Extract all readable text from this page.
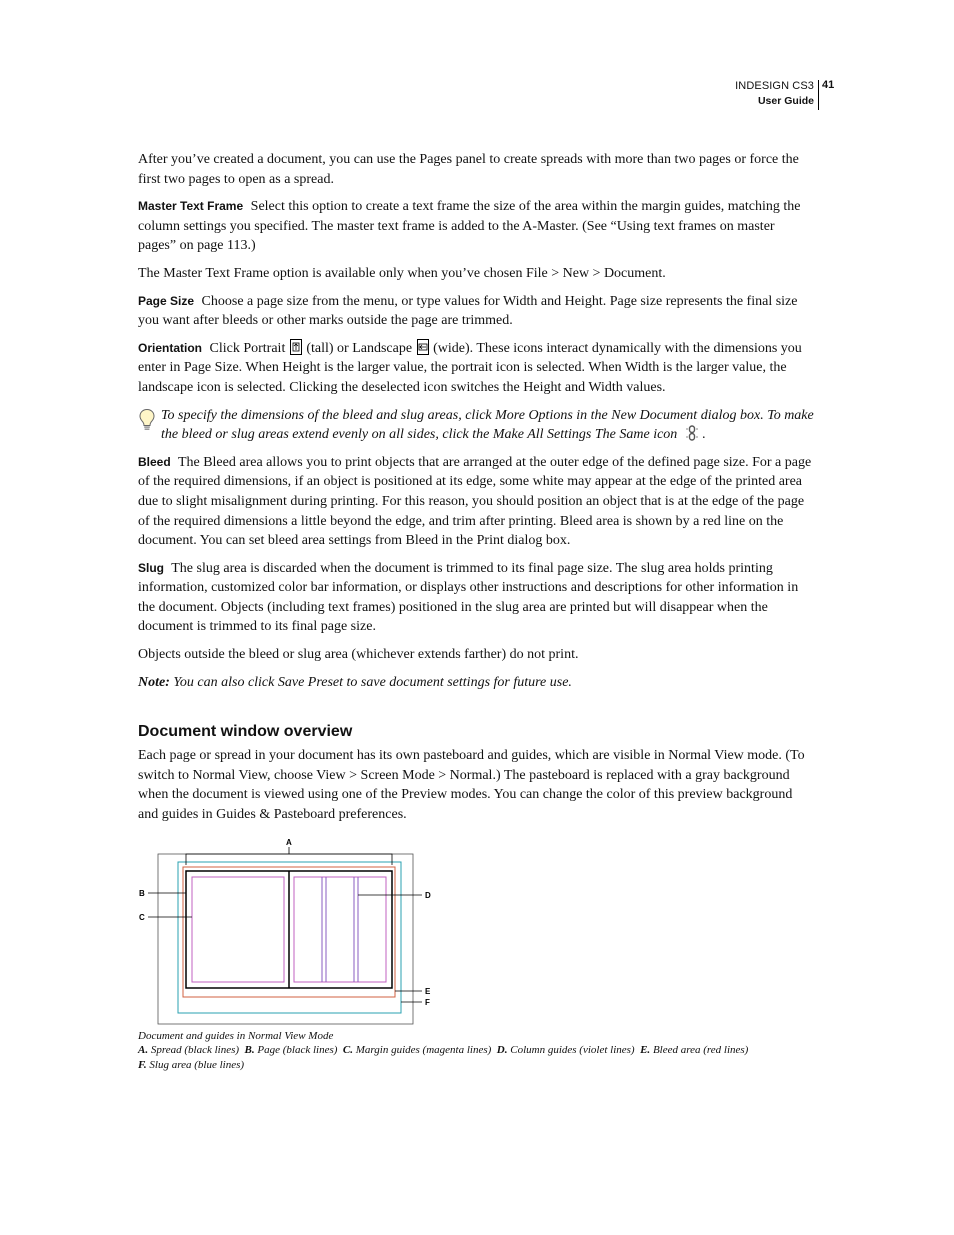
INDESIGN CS3
User Guide
41

After you’ve created a document, you can use the Pages panel to create spreads with more than two pages or force the first two pages to open as a spread.

Master Text Frame Select this option to create a text frame the size of the area within the margin guides, matching the column settings you specified. The master text frame is added to the A-Master. (See “Using text frames on master pages” on page 113.)

The Master Text Frame option is available only when you’ve chosen File > New > Document.

Page Size Choose a page size from the menu, or type values for Width and Height. Page size represents the final size you want after bleeds or other marks outside the page are trimmed.

Orientation Click Portrait (tall) or Landscape (wide). These icons interact dynamically with the dimensions you enter in Page Size. When Height is the larger value, the portrait icon is selected. When Width is the larger value, the landscape icon is selected. Clicking the deselected icon switches the Height and Width values.

To specify the dimensions of the bleed and slug areas, click More Options in the New Document dialog box. To make the bleed or slug areas extend evenly on all sides, click the Make All Settings The Same icon .

Bleed The Bleed area allows you to print objects that are arranged at the outer edge of the defined page size. For a page of the required dimensions, if an object is positioned at its edge, some white may appear at the edge of the printed area due to slight misalignment during printing. For this reason, you should position an object that is at the edge of the page of the required dimensions a little beyond the edge, and trim after printing. Bleed area is shown by a red line on the document. You can set bleed area settings from Bleed in the Print dialog box.

Slug The slug area is discarded when the document is trimmed to its final page size. The slug area holds printing information, customized color bar information, or displays other instructions and descriptions for other information in the document. Objects (including text frames) positioned in the slug area are printed but will disappear when the document is trimmed to its final page size.

Objects outside the bleed or slug area (whichever extends farther) do not print.

Note: You can also click Save Preset to save document settings for future use.

Document window overview

Each page or spread in your document has its own pasteboard and guides, which are visible in Normal View mode. (To switch to Normal View, choose View > Screen Mode > Normal.) The pasteboard is replaced with a gray background when the document is viewed using one of the Preview modes. You can change the color of this preview background and guides in Guides & Pasteboard preferences.

A
B
C
D
E
F
Document and guides in Normal View Mode
A. Spread (black lines) B. Page (black lines) C. Margin guides (magenta lines) D. Column guides (violet lines) E. Bleed area (red lines)
F. Slug area (blue lines)
